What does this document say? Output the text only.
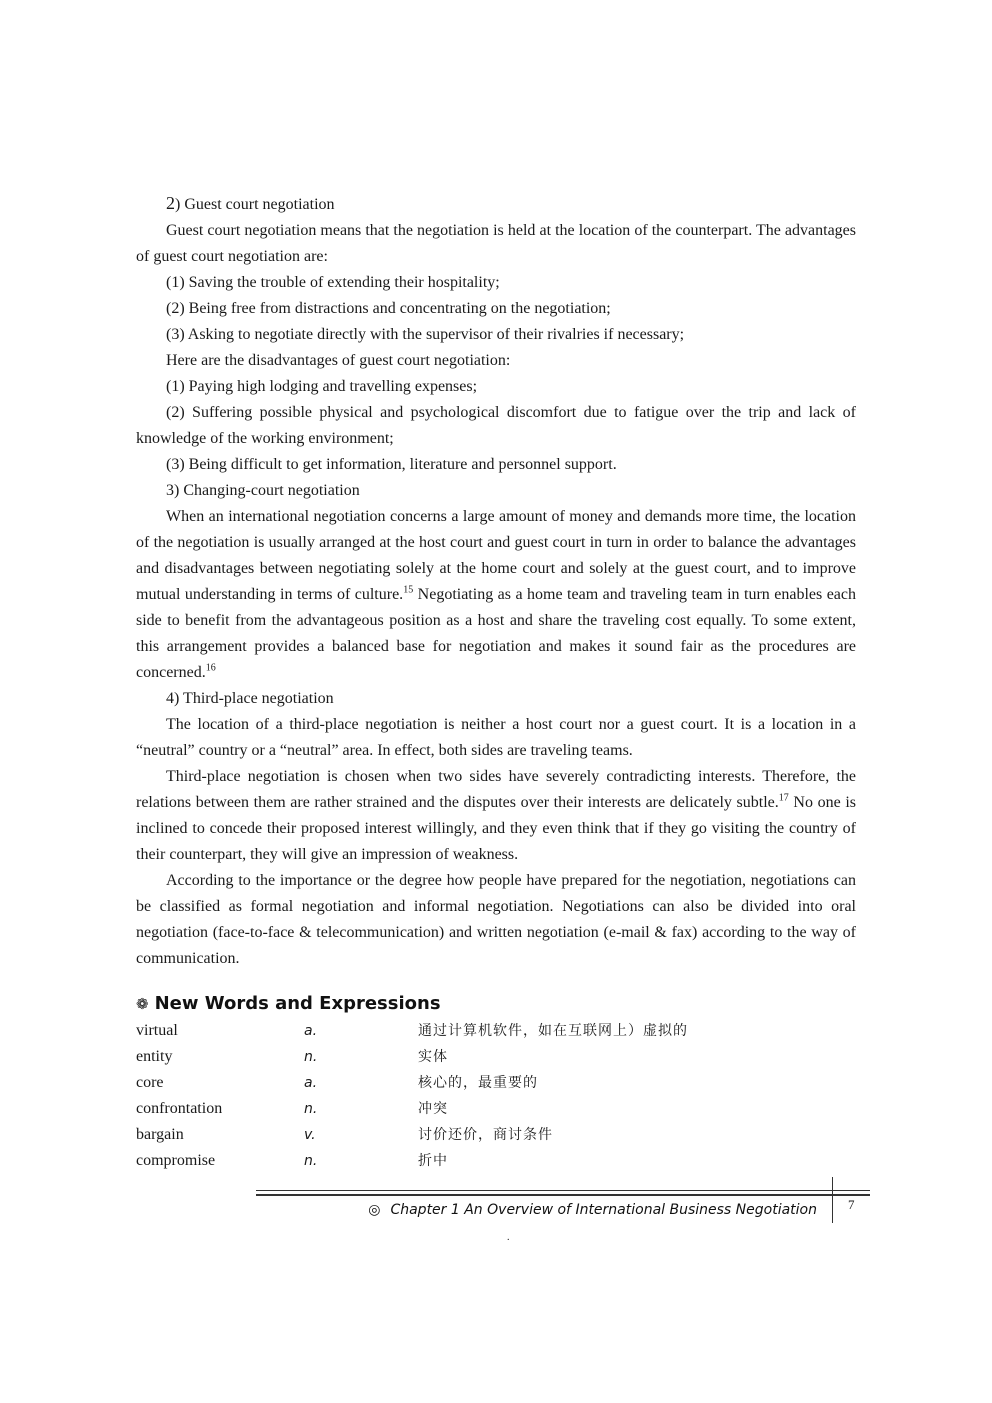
2) Guest court negotiation

Guest court negotiation means that the negotiation is held at the location of the counterpart. The advantages of guest court negotiation are:

(1) Saving the trouble of extending their hospitality;

(2) Being free from distractions and concentrating on the negotiation;

(3) Asking to negotiate directly with the supervisor of their rivalries if necessary;

Here are the disadvantages of guest court negotiation:

(1) Paying high lodging and travelling expenses;

(2) Suffering possible physical and psychological discomfort due to fatigue over the trip and lack of knowledge of the working environment;

(3) Being difficult to get information, literature and personnel support.

3) Changing-court negotiation

When an international negotiation concerns a large amount of money and demands more time, the location of the negotiation is usually arranged at the host court and guest court in turn in order to balance the advantages and disadvantages between negotiating solely at the home court and solely at the guest court, and to improve mutual understanding in terms of culture.$^{15}$ Negotiating as a home team and traveling team in turn enables each side to benefit from the advantageous position as a host and share the traveling cost equally. To some extent, this arrangement provides a balanced base for negotiation and makes it sound fair as the procedures are concerned.$^{16}$

4) Third-place negotiation

The location of a third-place negotiation is neither a host court nor a guest court. It is a location in a “neutral” country or a “neutral” area. In effect, both sides are traveling teams.

Third-place negotiation is chosen when two sides have severely contradicting interests. Therefore, the relations between them are rather strained and the disputes over their interests are delicately subtle.$^{17}$ No one is inclined to concede their proposed interest willingly, and they even think that if they go visiting the country of their counterpart, they will give an impression of weakness.

According to the importance or the degree how people have prepared for the negotiation, negotiations can be classified as formal negotiation and informal negotiation. Negotiations can also be divided into oral negotiation (face-to-face & telecommunication) and written negotiation (e-mail & fax) according to the way of communication.

❁ New Words and Expressions

virtual	a.	通过计算机软件，如在互联网上）虚拟的
entity	n.	实体
core	a.	核心的，最重要的
confrontation	n.	冲突
bargain	v.	讨价还价，商讨条件
compromise	n.	折中
◎ Chapter 1 An Overview of International Business Negotiation 7
.
